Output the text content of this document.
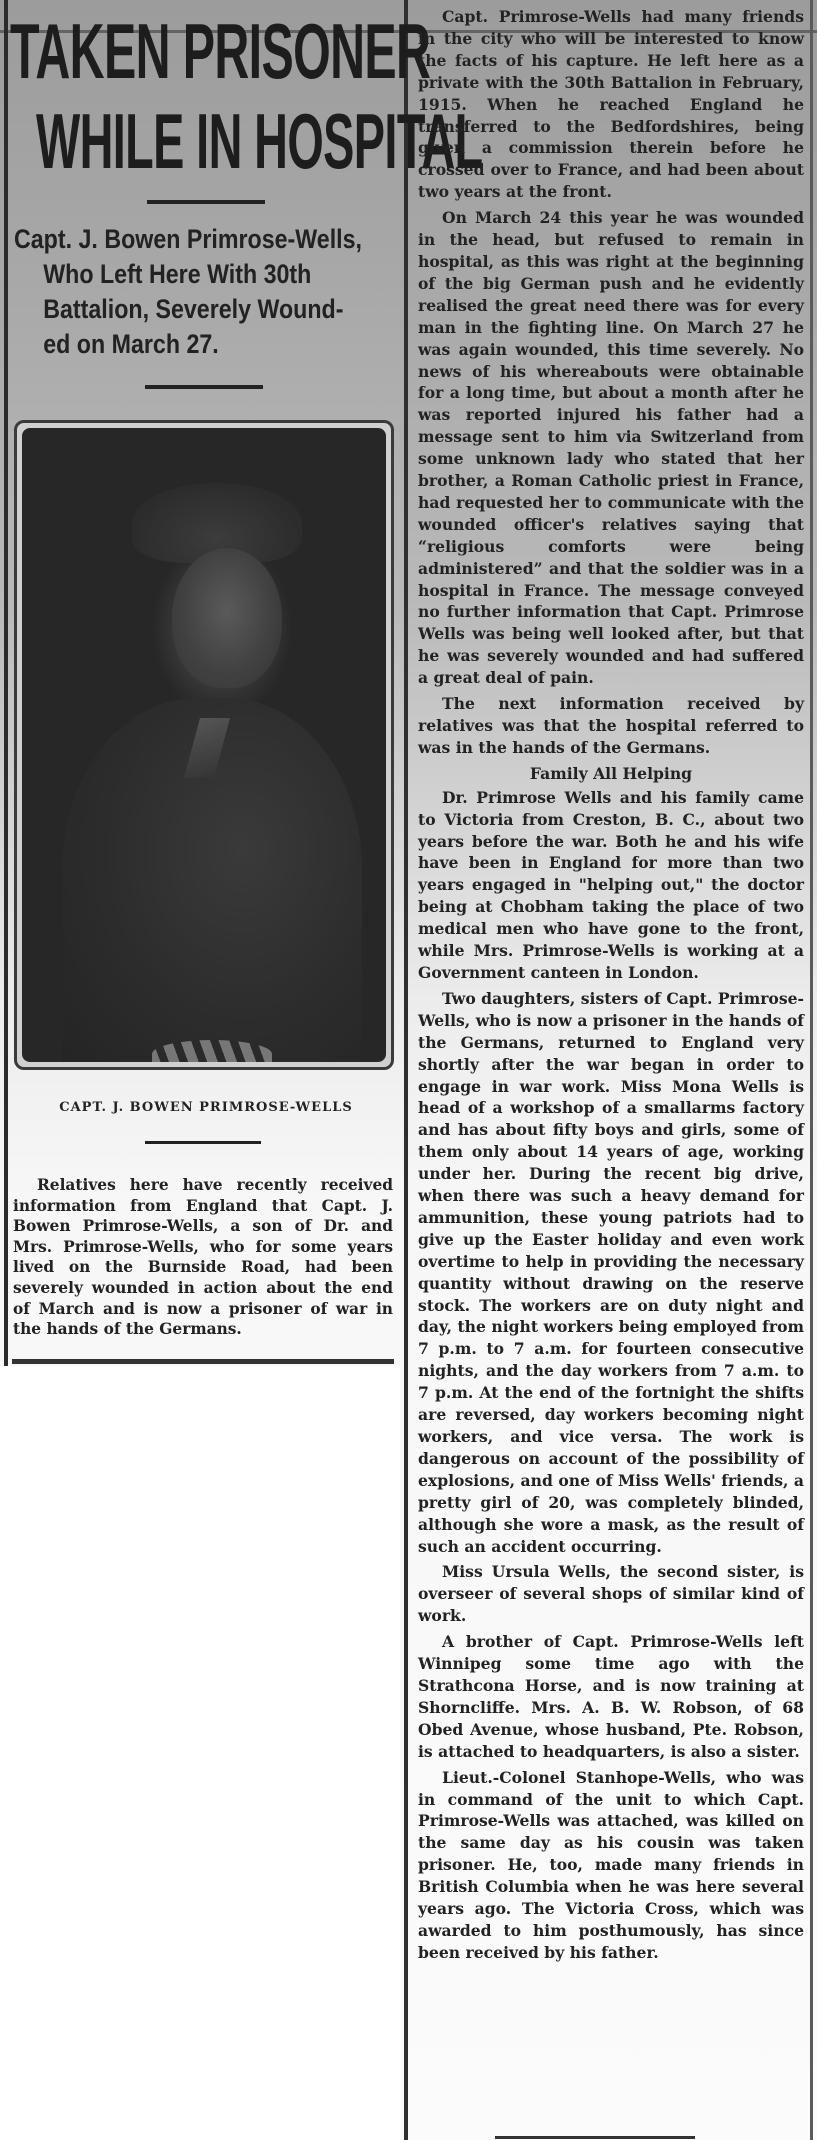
TAKEN PRISONER
WHILE IN HOSPITAL
Capt. J. Bowen Primrose-Wells,
Who Left Here With 30th
Battalion, Severely Wound-
ed on March 27.
CAPT. J. BOWEN PRIMROSE-WELLS

Relatives here have recently received information from England that Capt. J. Bowen Primrose-Wells, a son of Dr. and Mrs. Primrose-Wells, who for some years lived on the Burnside Road, had been severely wounded in action about the end of March and is now a prisoner of war in the hands of the Germans.

Capt. Primrose-Wells had many friends in the city who will be interested to know the facts of his capture. He left here as a private with the 30th Battalion in February, 1915. When he reached England he transferred to the Bedfordshires, being given a commission therein before he crossed over to France, and had been about two years at the front.

On March 24 this year he was wounded in the head, but refused to remain in hospital, as this was right at the beginning of the big German push and he evidently realised the great need there was for every man in the fighting line. On March 27 he was again wounded, this time severely. No news of his whereabouts were obtainable for a long time, but about a month after he was reported injured his father had a message sent to him via Switzerland from some unknown lady who stated that her brother, a Roman Catholic priest in France, had requested her to communicate with the wounded officer's relatives saying that “religious comforts were being administered” and that the soldier was in a hospital in France. The message conveyed no further information that Capt. Primrose Wells was being well looked after, but that he was severely wounded and had suffered a great deal of pain.

The next information received by relatives was that the hospital referred to was in the hands of the Germans.

Family All Helping

Dr. Primrose Wells and his family came to Victoria from Creston, B. C., about two years before the war. Both he and his wife have been in England for more than two years engaged in "helping out," the doctor being at Chobham taking the place of two medical men who have gone to the front, while Mrs. Primrose-Wells is working at a Government canteen in London.

Two daughters, sisters of Capt. Primrose-Wells, who is now a prisoner in the hands of the Germans, returned to England very shortly after the war began in order to engage in war work. Miss Mona Wells is head of a workshop of a smallarms factory and has about fifty boys and girls, some of them only about 14 years of age, working under her. During the recent big drive, when there was such a heavy demand for ammunition, these young patriots had to give up the Easter holiday and even work overtime to help in providing the necessary quantity without drawing on the reserve stock. The workers are on duty night and day, the night workers being employed from 7 p.m. to 7 a.m. for fourteen consecutive nights, and the day workers from 7 a.m. to 7 p.m. At the end of the fortnight the shifts are reversed, day workers becoming night workers, and vice versa. The work is dangerous on account of the possibility of explosions, and one of Miss Wells' friends, a pretty girl of 20, was completely blinded, although she wore a mask, as the result of such an accident occurring.

Miss Ursula Wells, the second sister, is overseer of several shops of similar kind of work.

A brother of Capt. Primrose-Wells left Winnipeg some time ago with the Strathcona Horse, and is now training at Shorncliffe. Mrs. A. B. W. Robson, of 68 Obed Avenue, whose husband, Pte. Robson, is attached to headquarters, is also a sister.

Lieut.-Colonel Stanhope-Wells, who was in command of the unit to which Capt. Primrose-Wells was attached, was killed on the same day as his cousin was taken prisoner. He, too, made many friends in British Columbia when he was here several years ago. The Victoria Cross, which was awarded to him posthumously, has since been received by his father.
